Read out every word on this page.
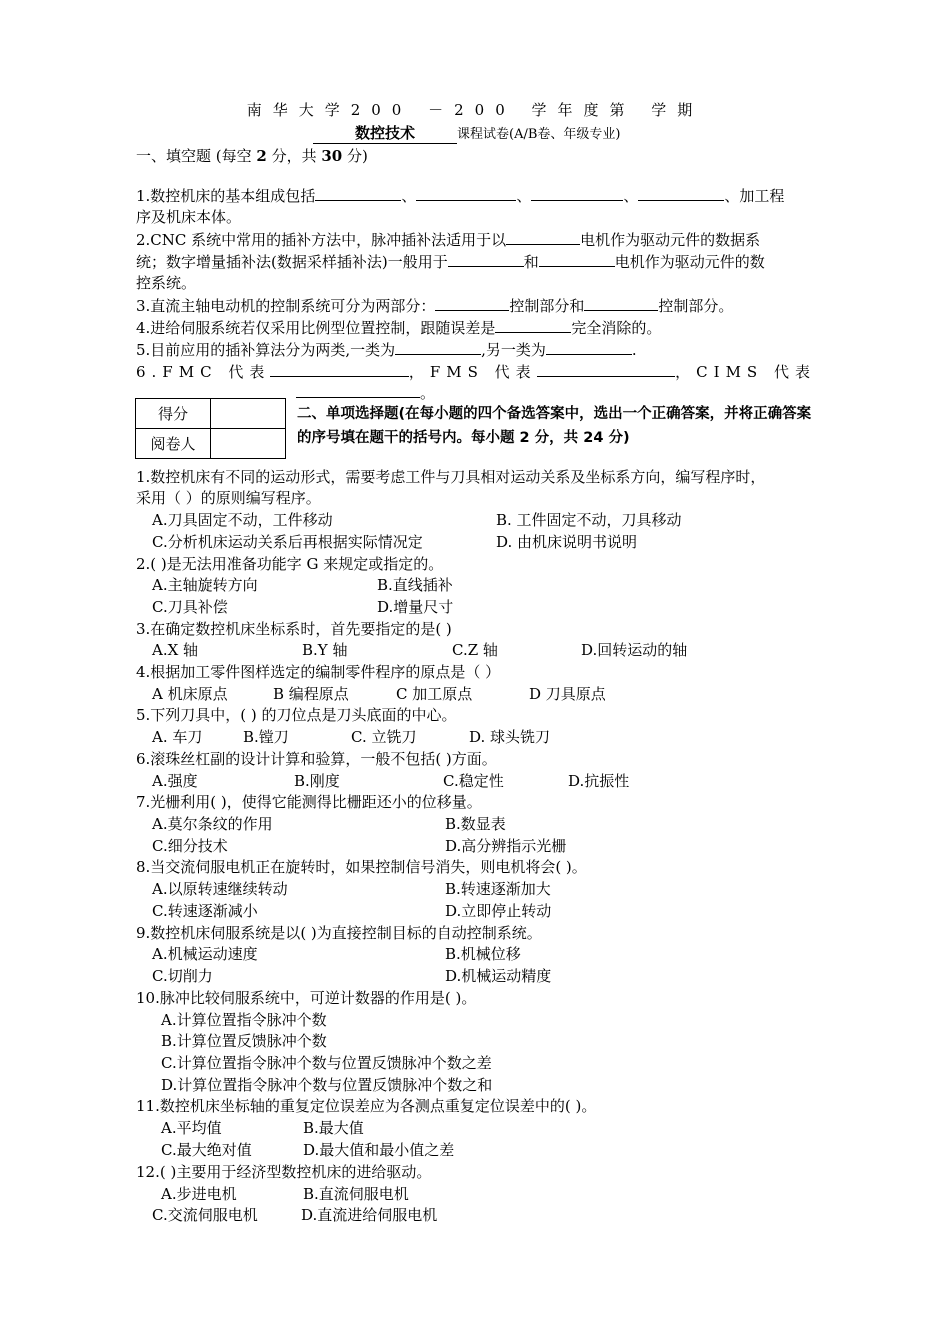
南华大学200 －200 学年度第 学期
数控技术	课程试卷(A/B卷、年级专业)
一、填空题 (每空 2 分，共 30 分)
1.数控机床的基本组成包括	、	、	、	、加工程
序及机床本体。
2.CNC 系统中常用的插补方法中，脉冲插补法适用于以	电机作为驱动元件的数据系
统；数字增量插补法(数据采样插补法)一般用于	和	电机作为驱动元件的数
控系统。
3.直流主轴电动机的控制系统可分为两部分：	控制部分和	控制部分。
4.进给伺服系统若仅采用比例型位置控制，跟随误差是	完全消除的。
5.目前应用的插补算法分为两类,一类为	,另一类为	.
6.FMC 代表	，FMS 代表	，CIMS 代表
。
得分	
阅卷人	
二、单项选择题(在每小题的四个备选答案中，选出一个正确答案，并将正确答案的序号填在题干的括号内。每小题 2 分，共 24 分)
1.数控机床有不同的运动形式，需要考虑工件与刀具相对运动关系及坐标系方向，编写程序时，
采用（ ）的原则编写程序。
A.刀具固定不动，工件移动	B. 工件固定不动，刀具移动
C.分析机床运动关系后再根据实际情况定	D. 由机床说明书说明
2.( )是无法用准备功能字 G 来规定或指定的。
A.主轴旋转方向	B.直线插补
C.刀具补偿	D.增量尺寸
3.在确定数控机床坐标系时，首先要指定的是( )
A.X 轴	B.Y 轴	C.Z 轴	D.回转运动的轴
4.根据加工零件图样选定的编制零件程序的原点是（ ）
A 机床原点	B 编程原点	C 加工原点	D 刀具原点
5.下列刀具中，( ) 的刀位点是刀头底面的中心。
A. 车刀	B.镗刀	C. 立铣刀	D. 球头铣刀
6.滚珠丝杠副的设计计算和验算，一般不包括( )方面。
A.强度	B.刚度	C.稳定性	D.抗振性
7.光栅利用( )，使得它能测得比栅距还小的位移量。
A.莫尔条纹的作用	B.数显表
C.细分技术	D.高分辨指示光栅
8.当交流伺服电机正在旋转时，如果控制信号消失，则电机将会( )。
A.以原转速继续转动	B.转速逐渐加大
C.转速逐渐减小	D.立即停止转动
9.数控机床伺服系统是以( )为直接控制目标的自动控制系统。
A.机械运动速度	B.机械位移
C.切削力	D.机械运动精度
10.脉冲比较伺服系统中，可逆计数器的作用是( )。
A.计算位置指令脉冲个数
B.计算位置反馈脉冲个数
C.计算位置指令脉冲个数与位置反馈脉冲个数之差
D.计算位置指令脉冲个数与位置反馈脉冲个数之和
11.数控机床坐标轴的重复定位误差应为各测点重复定位误差中的( )。
A.平均值	B.最大值
C.最大绝对值	D.最大值和最小值之差
12.( )主要用于经济型数控机床的进给驱动。
A.步进电机	B.直流伺服电机
C.交流伺服电机	D.直流进给伺服电机
